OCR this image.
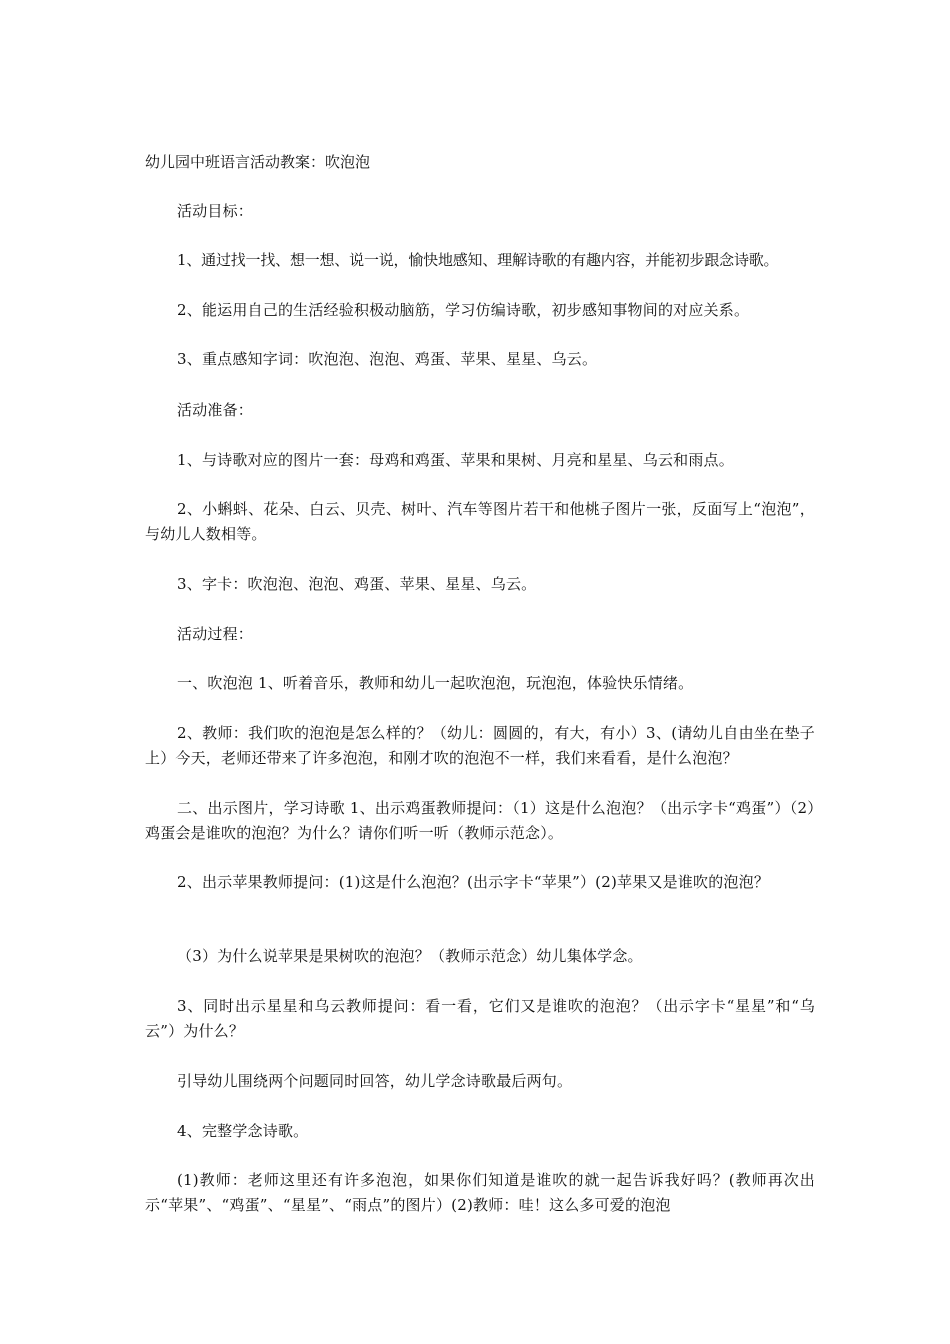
幼儿园中班语言活动教案：吹泡泡
活动目标：
1、通过找一找、想一想、说一说，愉快地感知、理解诗歌的有趣内容，并能初步跟念诗歌。
2、能运用自己的生活经验积极动脑筋，学习仿编诗歌，初步感知事物间的对应关系。
3、重点感知字词：吹泡泡、泡泡、鸡蛋、苹果、星星、乌云。
活动准备：
1、与诗歌对应的图片一套：母鸡和鸡蛋、苹果和果树、月亮和星星、乌云和雨点。
2、小蝌蚪、花朵、白云、贝壳、树叶、汽车等图片若干和他桃子图片一张，反面写上“泡泡”，与幼儿人数相等。
3、字卡：吹泡泡、泡泡、鸡蛋、苹果、星星、乌云。
活动过程：
一、吹泡泡 1、听着音乐，教师和幼儿一起吹泡泡，玩泡泡，体验快乐情绪。
2、教师：我们吹的泡泡是怎么样的？（幼儿：圆圆的，有大，有小）3、(请幼儿自由坐在垫子上）今天，老师还带来了许多泡泡，和刚才吹的泡泡不一样，我们来看看，是什么泡泡？
二、出示图片，学习诗歌 1、出示鸡蛋教师提问：（1）这是什么泡泡？（出示字卡“鸡蛋”）（2）鸡蛋会是谁吹的泡泡？为什么？请你们听一听（教师示范念）。
2、出示苹果教师提问：(1)这是什么泡泡？(出示字卡“苹果”）(2)苹果又是谁吹的泡泡？
（3）为什么说苹果是果树吹的泡泡？（教师示范念）幼儿集体学念。
3、同时出示星星和乌云教师提问：看一看，它们又是谁吹的泡泡？（出示字卡“星星”和“乌云”）为什么？
引导幼儿围绕两个问题同时回答，幼儿学念诗歌最后两句。
4、完整学念诗歌。
(1)教师：老师这里还有许多泡泡，如果你们知道是谁吹的就一起告诉我好吗？(教师再次出示“苹果”、“鸡蛋”、“星星”、“雨点”的图片）(2)教师：哇！这么多可爱的泡泡
